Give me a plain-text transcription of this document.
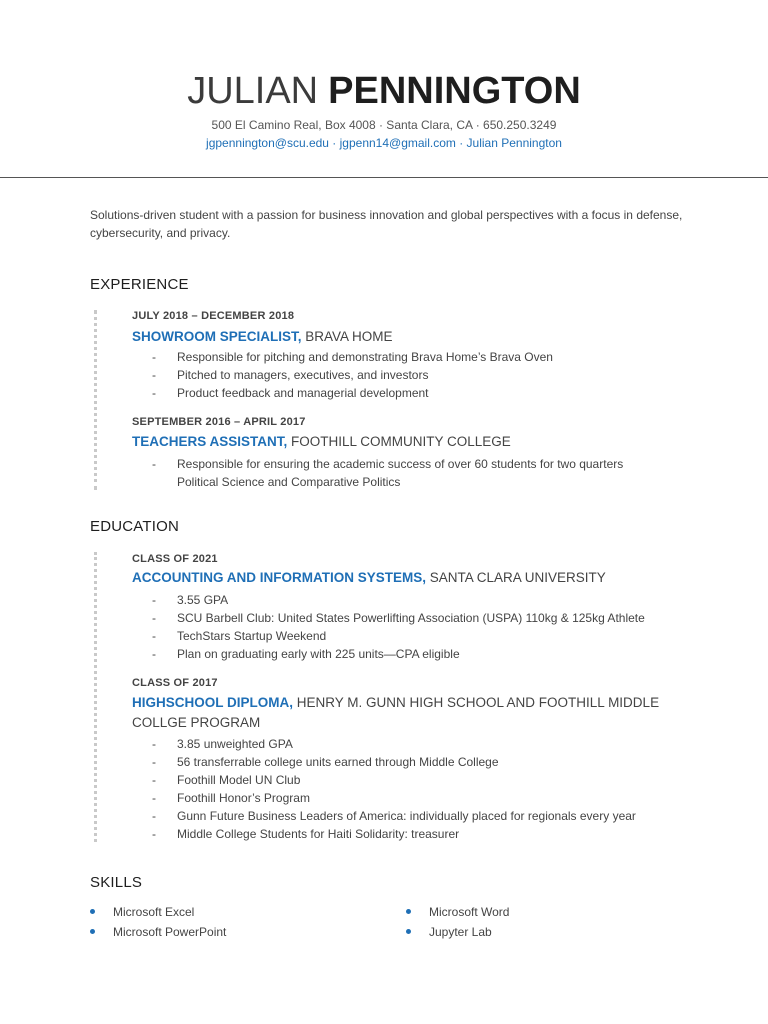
JULIAN PENNINGTON
500 El Camino Real, Box 4008 · Santa Clara, CA · 650.250.3249
jgpennington@scu.edu · jgpenn14@gmail.com · Julian Pennington
Solutions-driven student with a passion for business innovation and global perspectives with a focus in defense, cybersecurity, and privacy.
EXPERIENCE
JULY 2018 – DECEMBER 2018
SHOWROOM SPECIALIST, BRAVA HOME
- Responsible for pitching and demonstrating Brava Home’s Brava Oven
- Pitched to managers, executives, and investors
- Product feedback and managerial development
SEPTEMBER 2016 – APRIL 2017
TEACHERS ASSISTANT, FOOTHILL COMMUNITY COLLEGE
- Responsible for ensuring the academic success of over 60 students for two quarters
Political Science and Comparative Politics
EDUCATION
CLASS OF 2021
ACCOUNTING AND INFORMATION SYSTEMS, SANTA CLARA UNIVERSITY
- 3.55 GPA
- SCU Barbell Club: United States Powerlifting Association (USPA) 110kg & 125kg Athlete
- TechStars Startup Weekend
- Plan on graduating early with 225 units—CPA eligible
CLASS OF 2017
HIGHSCHOOL DIPLOMA, HENRY M. GUNN HIGH SCHOOL AND FOOTHILL MIDDLE COLLGE PROGRAM
- 3.85 unweighted GPA
- 56 transferrable college units earned through Middle College
- Foothill Model UN Club
- Foothill Honor’s Program
- Gunn Future Business Leaders of America: individually placed for regionals every year
- Middle College Students for Haiti Solidarity: treasurer
SKILLS
Microsoft Excel	Microsoft Word
Microsoft PowerPoint	Jupyter Lab
